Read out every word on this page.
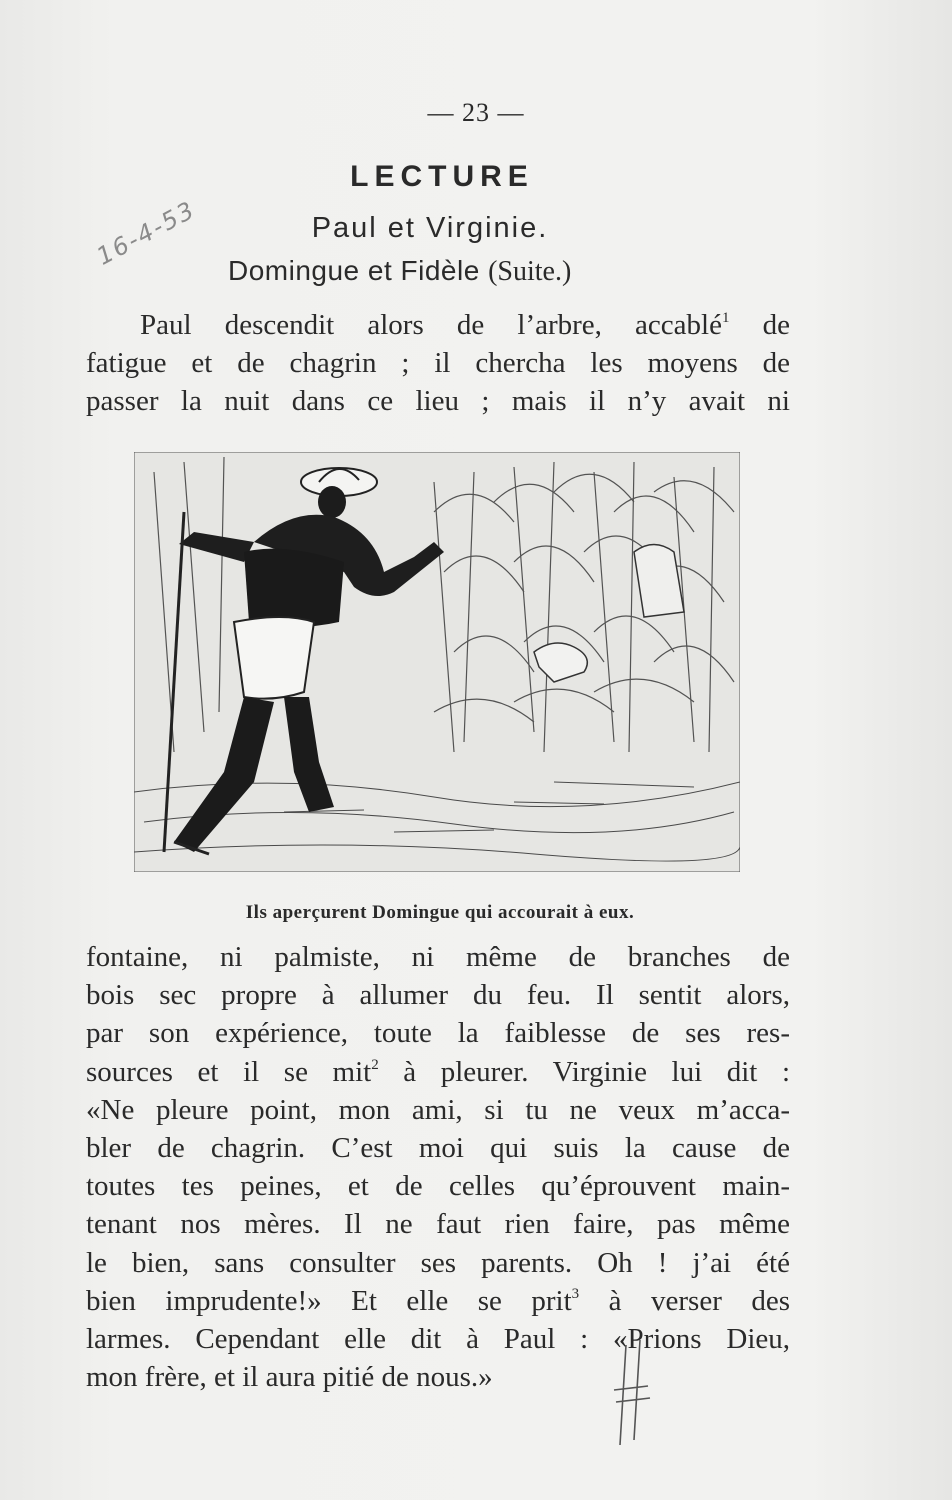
— 23 —
16-4-53
LECTURE
Paul et Virginie.
Domingue et Fidèle (Suite.)
Paul descendit alors de l’arbre, accablé$^1$ de
fatigue et de chagrin ; il chercha les moyens de
passer la nuit dans ce lieu ; mais il n’y avait ni
Ils aperçurent Domingue qui accourait à eux.
fontaine, ni palmiste, ni même de branches de
bois sec propre à allumer du feu. Il sentit alors,
par son expérience, toute la faiblesse de ses res-
sources et il se mit$^2$ à pleurer. Virginie lui dit :
«Ne pleure point, mon ami, si tu ne veux m’acca-
bler de chagrin. C’est moi qui suis la cause de
toutes tes peines, et de celles qu’éprouvent main-
tenant nos mères. Il ne faut rien faire, pas même
le bien, sans consulter ses parents. Oh ! j’ai été
bien imprudente!» Et elle se prit$^3$ à verser des
larmes. Cependant elle dit à Paul : «Prions Dieu,
mon frère, et il aura pitié de nous.»
